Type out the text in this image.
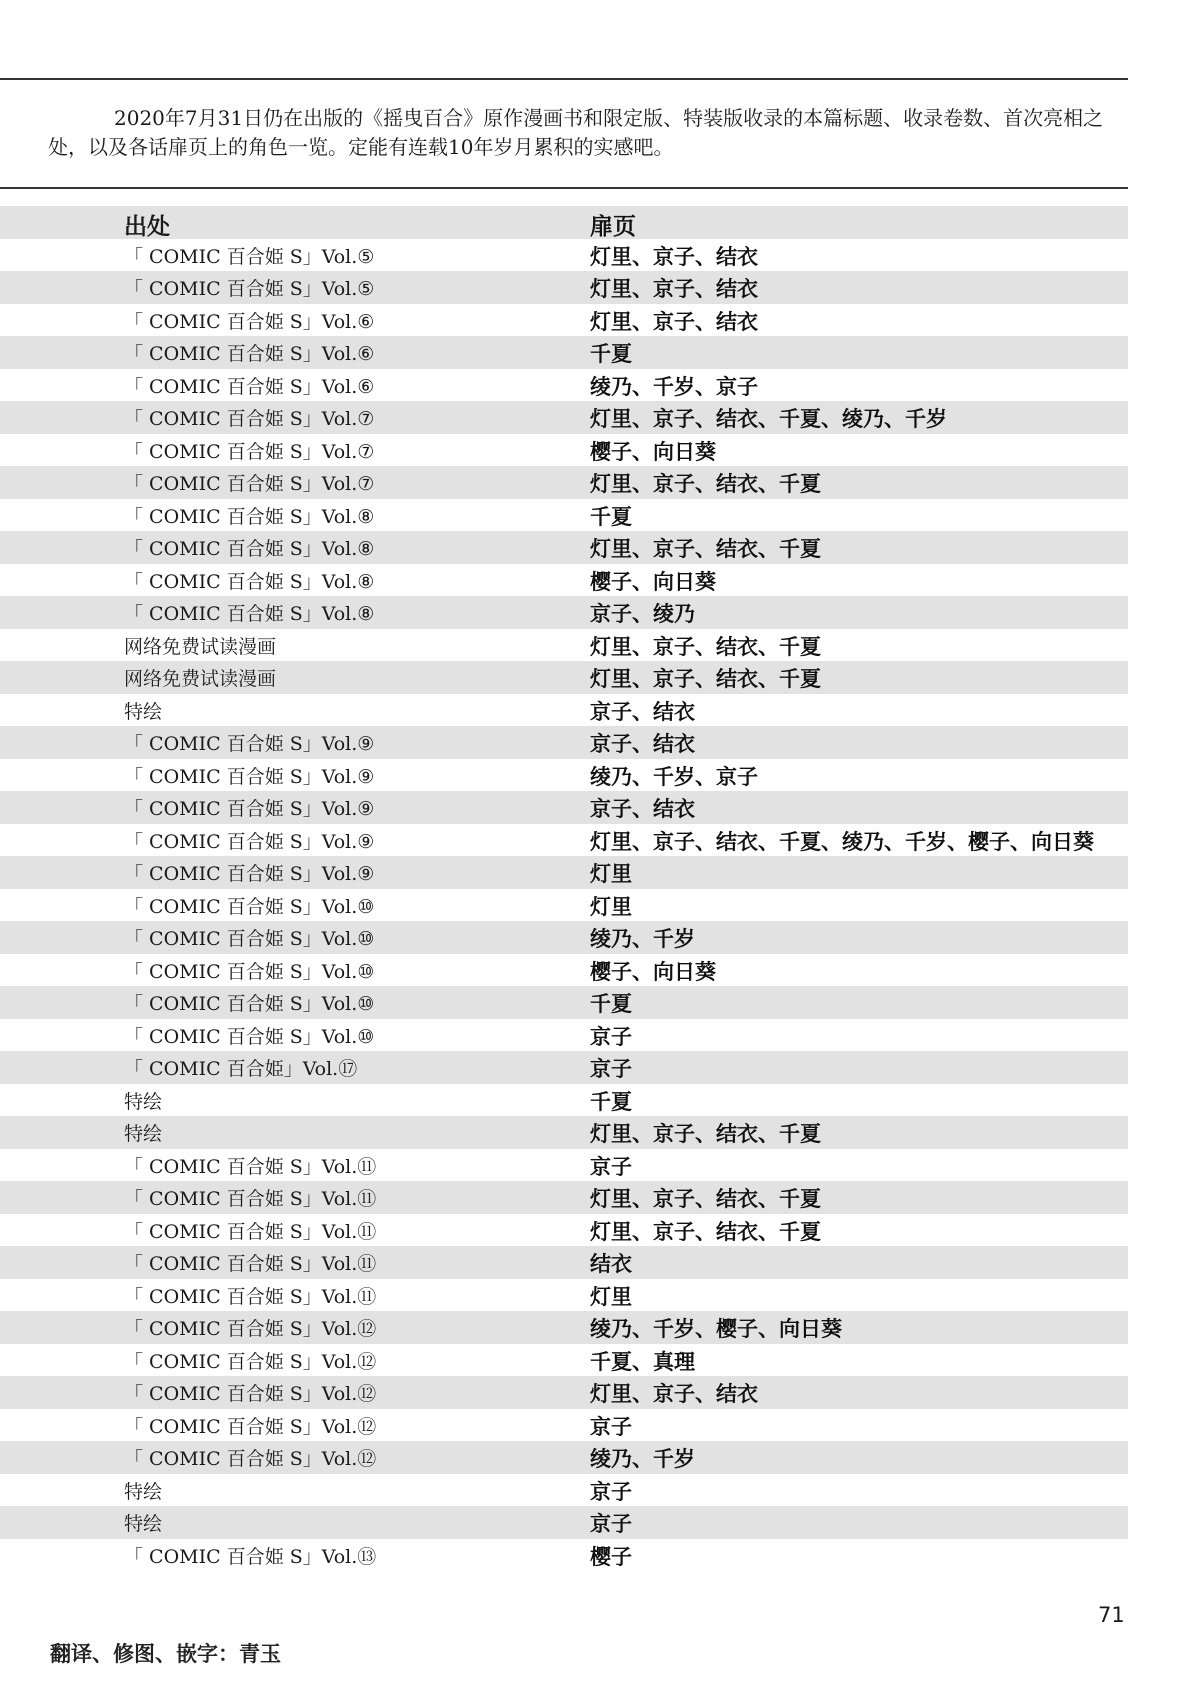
2020年7月31日仍在出版的《摇曳百合》原作漫画书和限定版、特装版收录的本篇标题、收录卷数、首次亮相之处，以及各话扉页上的角色一览。定能有连载10年岁月累积的实感吧。

出处	扉页
「 COMIC 百合姫 S」Vol.⑤	灯里、京子、结衣
「 COMIC 百合姫 S」Vol.⑤	灯里、京子、结衣
「 COMIC 百合姫 S」Vol.⑥	灯里、京子、结衣
「 COMIC 百合姫 S」Vol.⑥	千夏
「 COMIC 百合姫 S」Vol.⑥	绫乃、千岁、京子
「 COMIC 百合姫 S」Vol.⑦	灯里、京子、结衣、千夏、绫乃、千岁
「 COMIC 百合姫 S」Vol.⑦	樱子、向日葵
「 COMIC 百合姫 S」Vol.⑦	灯里、京子、结衣、千夏
「 COMIC 百合姫 S」Vol.⑧	千夏
「 COMIC 百合姫 S」Vol.⑧	灯里、京子、结衣、千夏
「 COMIC 百合姫 S」Vol.⑧	樱子、向日葵
「 COMIC 百合姫 S」Vol.⑧	京子、绫乃
网络免费试读漫画	灯里、京子、结衣、千夏
网络免费试读漫画	灯里、京子、结衣、千夏
特绘	京子、结衣
「 COMIC 百合姫 S」Vol.⑨	京子、结衣
「 COMIC 百合姫 S」Vol.⑨	绫乃、千岁、京子
「 COMIC 百合姫 S」Vol.⑨	京子、结衣
「 COMIC 百合姫 S」Vol.⑨	灯里、京子、结衣、千夏、绫乃、千岁、樱子、向日葵
「 COMIC 百合姫 S」Vol.⑨	灯里
「 COMIC 百合姫 S」Vol.⑩	灯里
「 COMIC 百合姫 S」Vol.⑩	绫乃、千岁
「 COMIC 百合姫 S」Vol.⑩	樱子、向日葵
「 COMIC 百合姫 S」Vol.⑩	千夏
「 COMIC 百合姫 S」Vol.⑩	京子
「 COMIC 百合姫」Vol.⑰	京子
特绘	千夏
特绘	灯里、京子、结衣、千夏
「 COMIC 百合姫 S」Vol.⑪	京子
「 COMIC 百合姫 S」Vol.⑪	灯里、京子、结衣、千夏
「 COMIC 百合姫 S」Vol.⑪	灯里、京子、结衣、千夏
「 COMIC 百合姫 S」Vol.⑪	结衣
「 COMIC 百合姫 S」Vol.⑪	灯里
「 COMIC 百合姫 S」Vol.⑫	绫乃、千岁、樱子、向日葵
「 COMIC 百合姫 S」Vol.⑫	千夏、真理
「 COMIC 百合姫 S」Vol.⑫	灯里、京子、结衣
「 COMIC 百合姫 S」Vol.⑫	京子
「 COMIC 百合姫 S」Vol.⑫	绫乃、千岁
特绘	京子
特绘	京子
「 COMIC 百合姫 S」Vol.⑬	樱子
71
翻译、修图、嵌字：青玉
